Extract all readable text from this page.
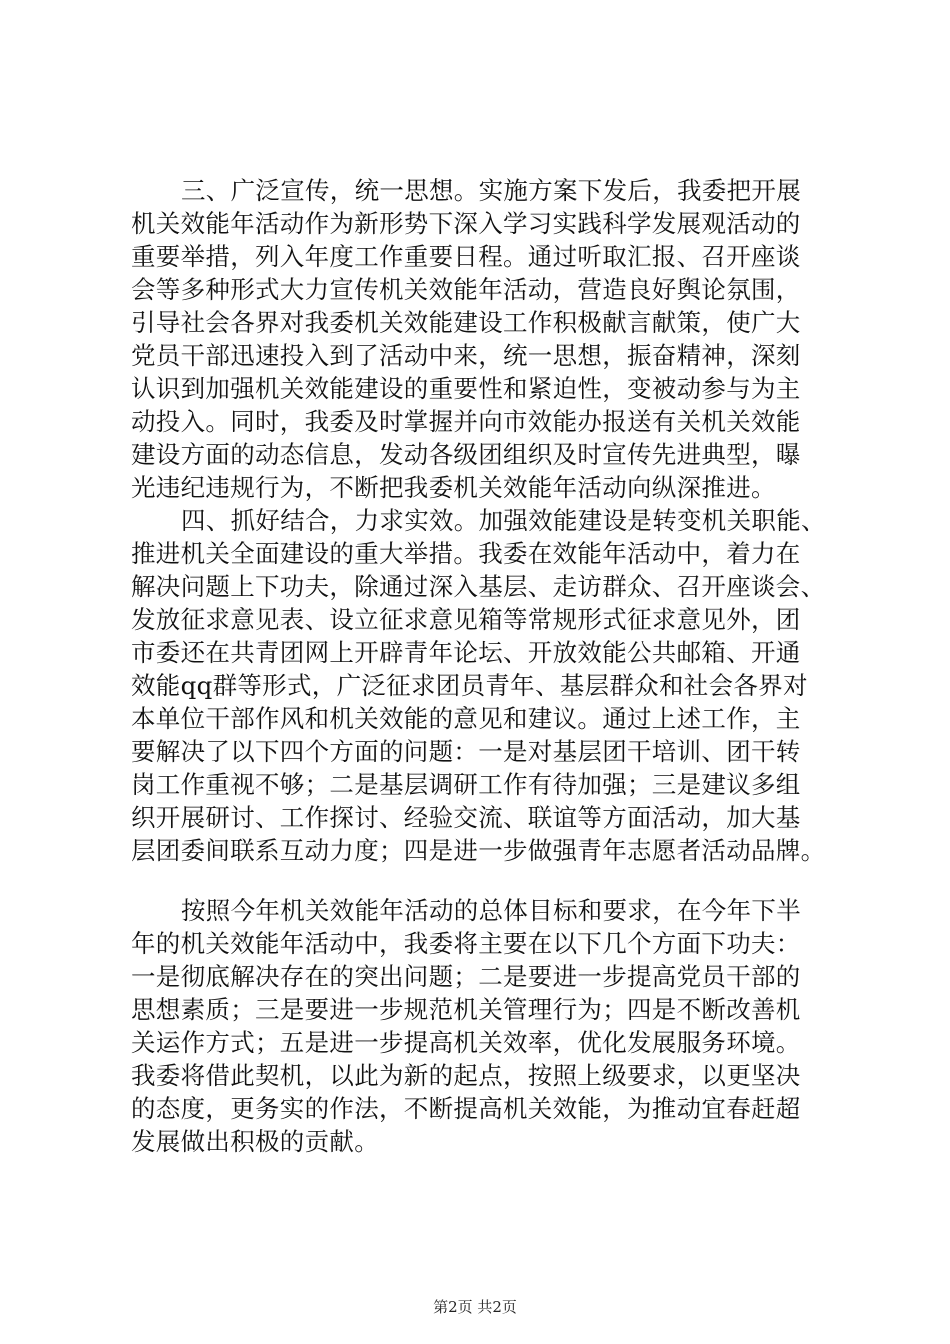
三、广泛宣传，统一思想。实施方案下发后，我委把开展
机关效能年活动作为新形势下深入学习实践科学发展观活动的
重要举措，列入年度工作重要日程。通过听取汇报、召开座谈
会等多种形式大力宣传机关效能年活动，营造良好舆论氛围，
引导社会各界对我委机关效能建设工作积极献言献策，使广大
党员干部迅速投入到了活动中来，统一思想，振奋精神，深刻
认识到加强机关效能建设的重要性和紧迫性，变被动参与为主
动投入。同时，我委及时掌握并向市效能办报送有关机关效能
建设方面的动态信息，发动各级团组织及时宣传先进典型，曝
光违纪违规行为，不断把我委机关效能年活动向纵深推进。
四、抓好结合，力求实效。加强效能建设是转变机关职能、
推进机关全面建设的重大举措。我委在效能年活动中，着力在
解决问题上下功夫，除通过深入基层、走访群众、召开座谈会、
发放征求意见表、设立征求意见箱等常规形式征求意见外，团
市委还在共青团网上开辟青年论坛、开放效能公共邮箱、开通
效能qq群等形式，广泛征求团员青年、基层群众和社会各界对
本单位干部作风和机关效能的意见和建议。通过上述工作，主
要解决了以下四个方面的问题：一是对基层团干培训、团干转
岗工作重视不够；二是基层调研工作有待加强；三是建议多组
织开展研讨、工作探讨、经验交流、联谊等方面活动，加大基
层团委间联系互动力度；四是进一步做强青年志愿者活动品牌。
按照今年机关效能年活动的总体目标和要求，在今年下半
年的机关效能年活动中，我委将主要在以下几个方面下功夫：
一是彻底解决存在的突出问题；二是要进一步提高党员干部的
思想素质；三是要进一步规范机关管理行为；四是不断改善机
关运作方式；五是进一步提高机关效率，优化发展服务环境。
我委将借此契机，以此为新的起点，按照上级要求，以更坚决
的态度，更务实的作法，不断提高机关效能，为推动宜春赶超
发展做出积极的贡献。
第2页 共2页
